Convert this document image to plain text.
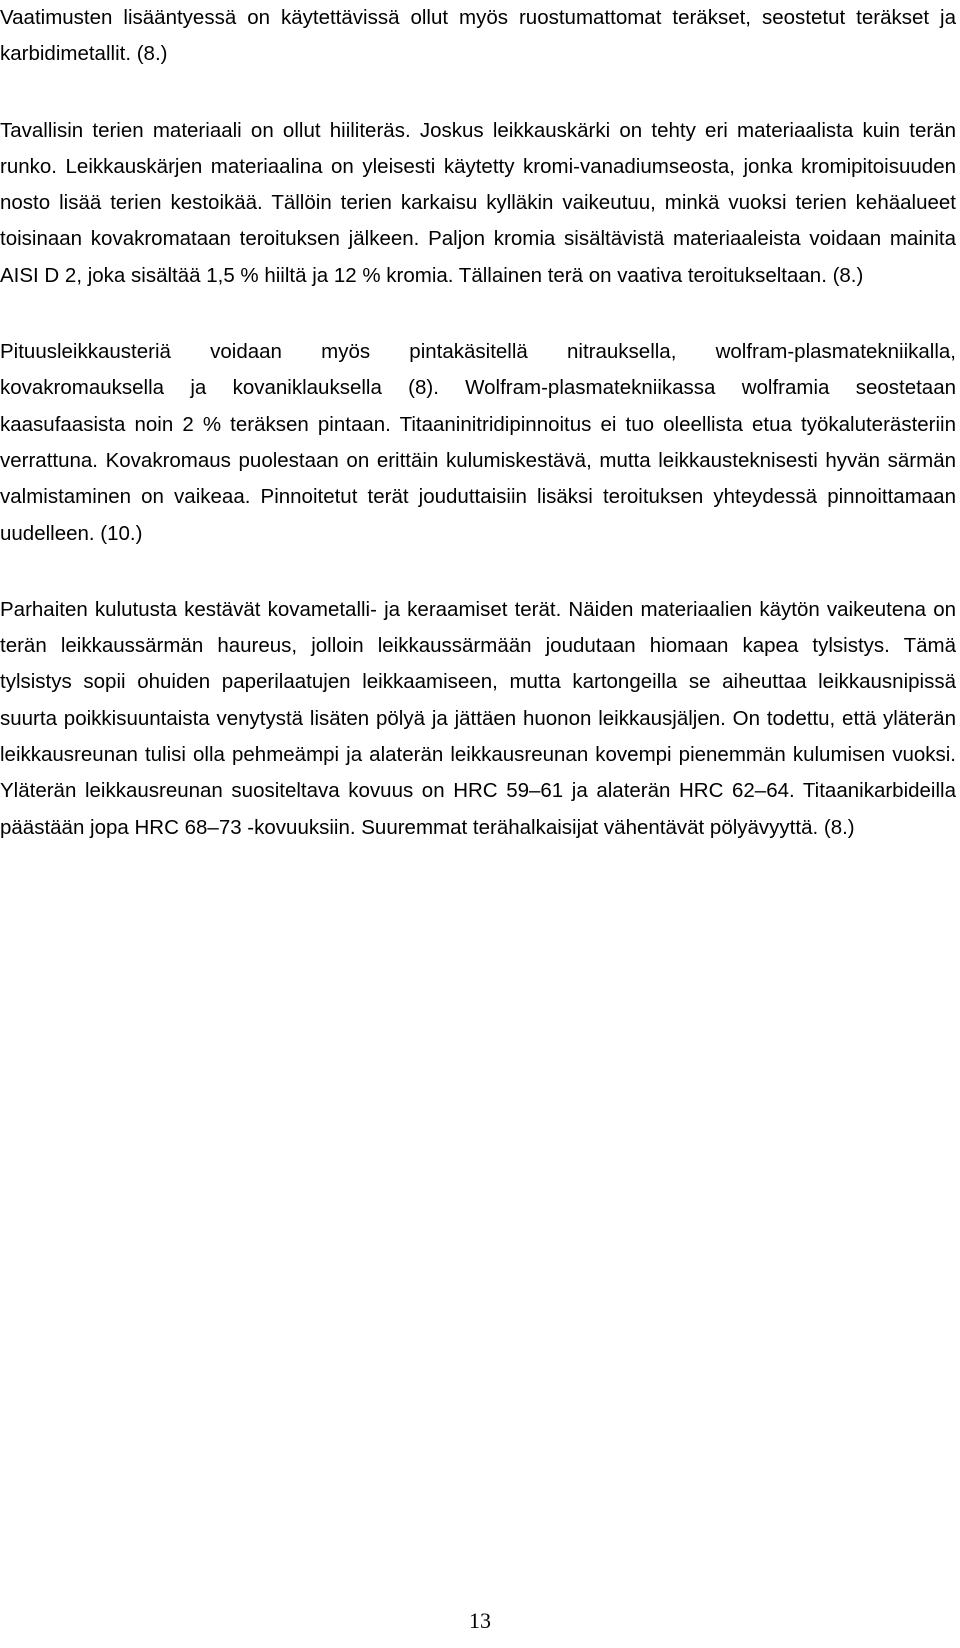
Vaatimusten lisääntyessä on käytettävissä ollut myös ruostumattomat teräkset, seostetut teräkset ja karbidimetallit. (8.)

Tavallisin terien materiaali on ollut hiiliteräs. Joskus leikkauskärki on tehty eri materiaalista kuin terän runko. Leikkauskärjen materiaalina on yleisesti käytetty kromi-vanadiumseosta, jonka kromipitoisuuden nosto lisää terien kestoikää. Tällöin terien karkaisu kylläkin vaikeutuu, minkä vuoksi terien kehäalueet toisinaan kovakromataan teroituksen jälkeen. Paljon kromia sisältävistä materiaaleista voidaan mainita AISI D 2, joka sisältää 1,5 % hiiltä ja 12 % kromia. Tällainen terä on vaativa teroitukseltaan. (8.)

Pituusleikkausteriä voidaan myös pintakäsitellä nitrauksella, wolfram-plasmatekniikalla, kovakromauksella ja kovaniklauksella (8). Wolfram-plasmatekniikassa wolframia seostetaan kaasufaasista noin 2 % teräksen pintaan. Titaaninitridipinnoitus ei tuo oleellista etua työkaluterästeriin verrattuna. Kovakromaus puolestaan on erittäin kulumiskestävä, mutta leikkausteknisesti hyvän särmän valmistaminen on vaikeaa. Pinnoitetut terät jouduttaisiin lisäksi teroituksen yhteydessä pinnoittamaan uudelleen. (10.)

Parhaiten kulutusta kestävät kovametalli- ja keraamiset terät. Näiden materiaalien käytön vaikeutena on terän leikkaussärmän haureus, jolloin leikkaussärmään joudutaan hiomaan kapea tylsistys. Tämä tylsistys sopii ohuiden paperilaatujen leikkaamiseen, mutta kartongeilla se aiheuttaa leikkausnipissä suurta poikkisuuntaista venytystä lisäten pölyä ja jättäen huonon leikkausjäljen. On todettu, että yläterän leikkausreunan tulisi olla pehmeämpi ja alaterän leikkausreunan kovempi pienemmän kulumisen vuoksi. Yläterän leikkausreunan suositeltava kovuus on HRC 59–61 ja alaterän HRC 62–64. Titaanikarbideilla päästään jopa HRC 68–73 -kovuuksiin. Suuremmat terähalkaisijat vähentävät pölyävyyttä. (8.)

13
